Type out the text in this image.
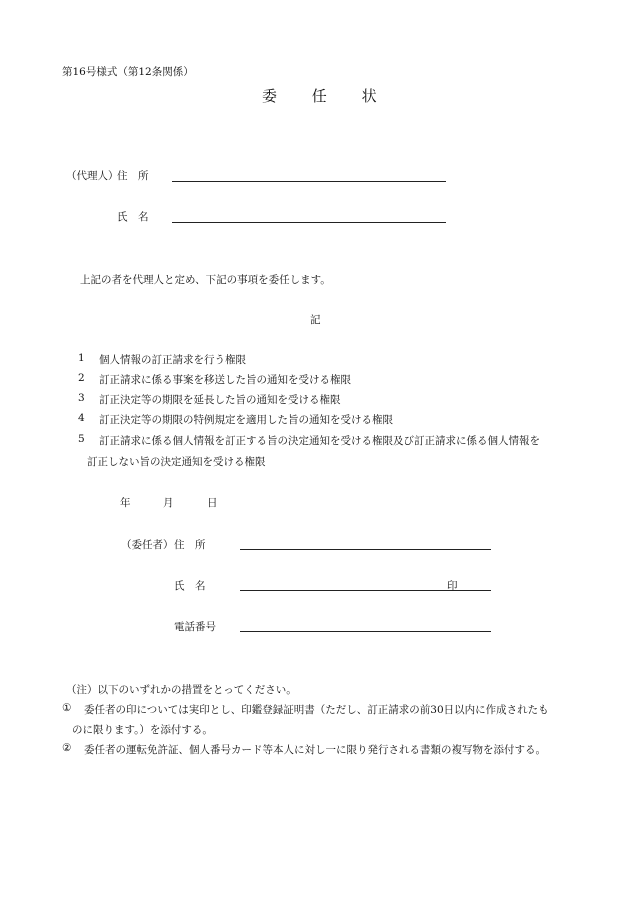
第16号様式（第12条関係）
委 任 状
（代理人）
住　所
氏　名
上記の者を代理人と定め、下記の事項を委任します。
記
1 個人情報の訂正請求を行う権限
2 訂正請求に係る事案を移送した旨の通知を受ける権限
3 訂正決定等の期限を延長した旨の通知を受ける権限
4 訂正決定等の期限の特例規定を適用した旨の通知を受ける権限
5 訂正請求に係る個人情報を訂正する旨の決定通知を受ける権限及び訂正請求に係る個人情報を
訂正しない旨の決定通知を受ける権限
年	月	日
（委任者） 住　所
氏　名	印
電話番号
（注）以下のいずれかの措置をとってください。
① 委任者の印については実印とし、印鑑登録証明書（ただし、訂正請求の前30日以内に作成されたも
のに限ります。）を添付する。
② 委任者の運転免許証、個人番号カード等本人に対し一に限り発行される書類の複写物を添付する。
